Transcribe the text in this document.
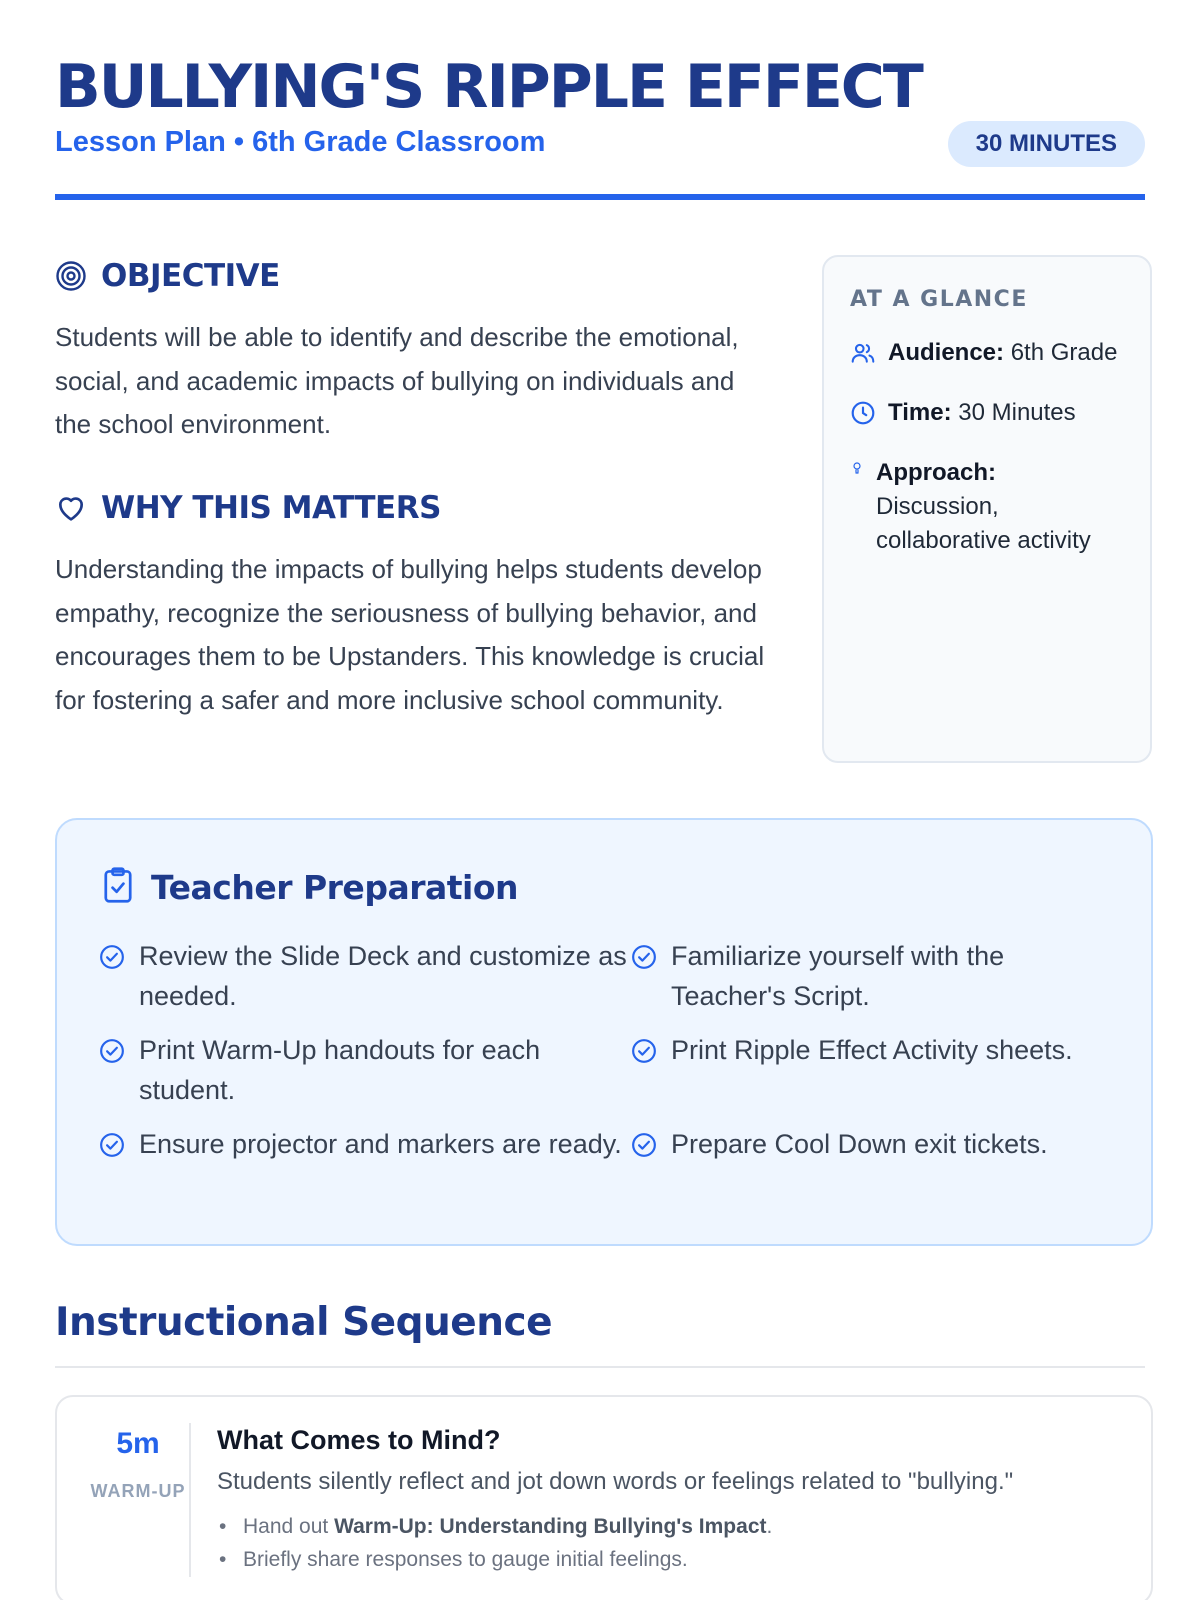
BULLYING'S RIPPLE EFFECT
Lesson Plan • 6th Grade Classroom	30 MINUTES
OBJECTIVE

Students will be able to identify and describe the emotional, social, and academic impacts of bullying on individuals and the school environment.

WHY THIS MATTERS

Understanding the impacts of bullying helps students develop empathy, recognize the seriousness of bullying behavior, and encourages them to be Upstanders. This knowledge is crucial for fostering a safer and more inclusive school community.

AT A GLANCE
Audience: 6th Grade
Time: 30 Minutes
Approach: Discussion, collaborative activity
Teacher Preparation
Review the Slide Deck and customize as needed.
Familiarize yourself with the Teacher's Script.
Print Warm-Up handouts for each student.
Print Ripple Effect Activity sheets.
Ensure projector and markers are ready. Prepare Cool Down exit tickets.
Instructional Sequence
5m
WARM-UP
What Comes to Mind?

Students silently reflect and jot down words or feelings related to "bullying."

• Hand out Warm-Up: Understanding Bullying's Impact.
• Briefly share responses to gauge initial feelings.
